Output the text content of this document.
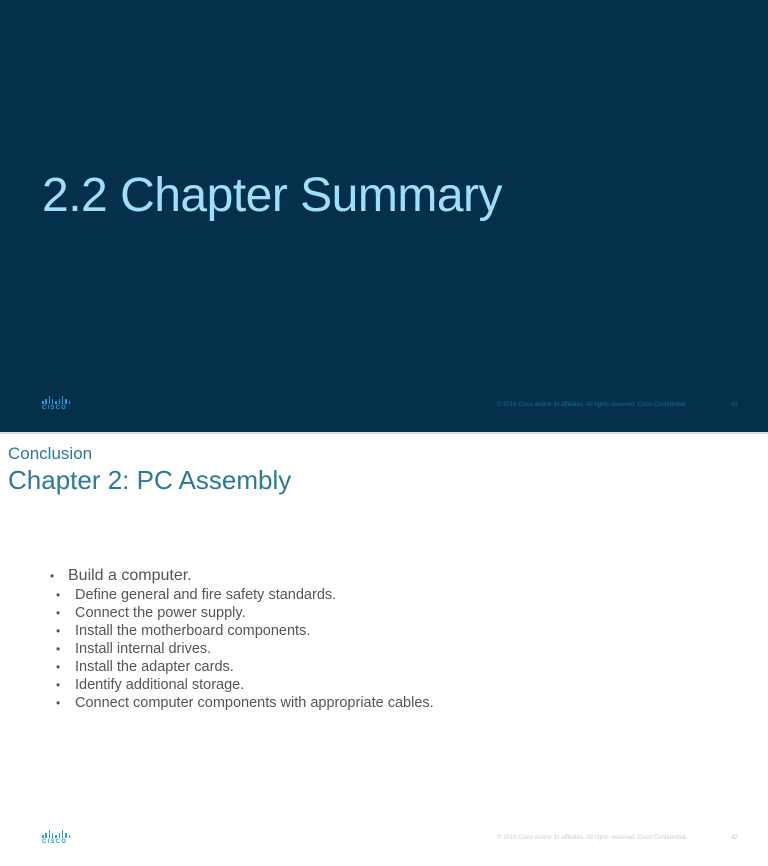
2.2 Chapter Summary
CISCO	© 2016 Cisco and/or its affiliates. All rights reserved. Cisco Confidential	41
Conclusion
Chapter 2: PC Assembly
• Build a computer.
• Define general and fire safety standards.
• Connect the power supply.
• Install the motherboard components.
• Install internal drives.
• Install the adapter cards.
• Identify additional storage.
• Connect computer components with appropriate cables.
CISCO
© 2016 Cisco and/or its affiliates. All rights reserved. Cisco Confidential	42
